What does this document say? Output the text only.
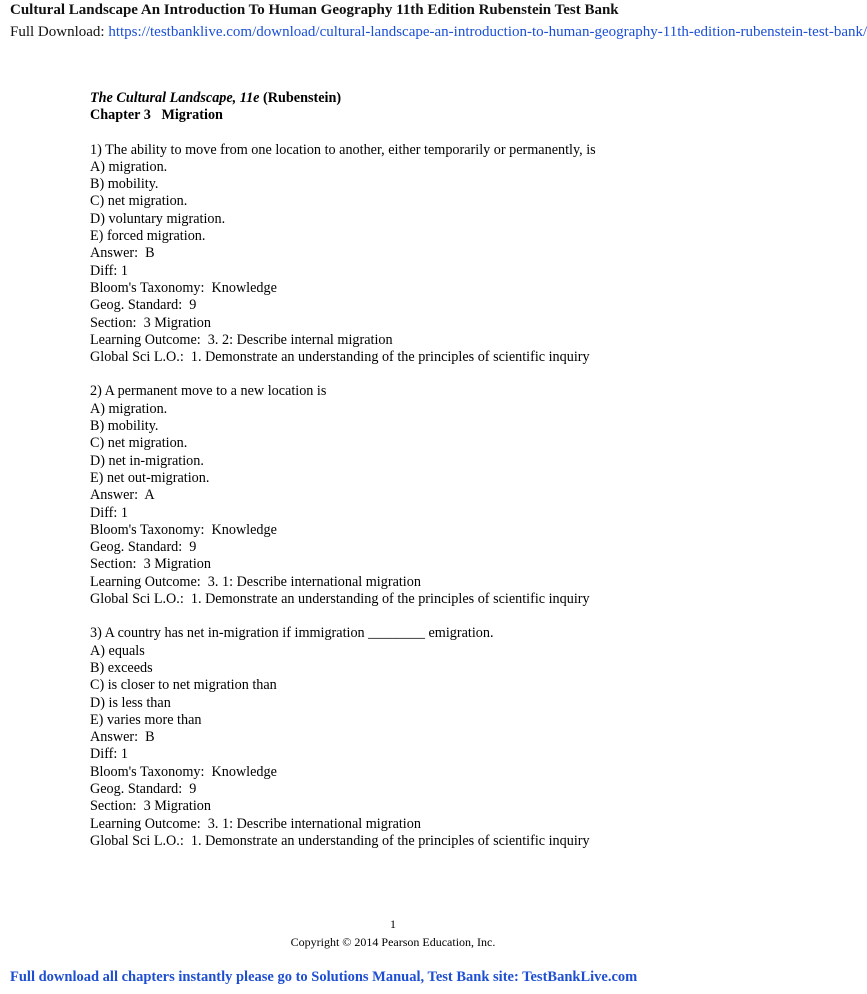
Cultural Landscape An Introduction To Human Geography 11th Edition Rubenstein Test Bank
Full Download: https://testbanklive.com/download/cultural-landscape-an-introduction-to-human-geography-11th-edition-rubenstein-test-bank/

The Cultural Landscape, 11e (Rubenstein)

Chapter 3   Migration

1) The ability to move from one location to another, either temporarily or permanently, is

A) migration.

B) mobility.

C) net migration.

D) voluntary migration.

E) forced migration.

Answer:  B

Diff: 1

Bloom's Taxonomy:  Knowledge

Geog. Standard:  9

Section:  3 Migration

Learning Outcome:  3. 2: Describe internal migration

Global Sci L.O.:  1. Demonstrate an understanding of the principles of scientific inquiry

2) A permanent move to a new location is

A) migration.

B) mobility.

C) net migration.

D) net in-migration.

E) net out-migration.

Answer:  A

Diff: 1

Bloom's Taxonomy:  Knowledge

Geog. Standard:  9

Section:  3 Migration

Learning Outcome:  3. 1: Describe international migration

Global Sci L.O.:  1. Demonstrate an understanding of the principles of scientific inquiry

3) A country has net in-migration if immigration ________ emigration.

A) equals

B) exceeds

C) is closer to net migration than

D) is less than

E) varies more than

Answer:  B

Diff: 1

Bloom's Taxonomy:  Knowledge

Geog. Standard:  9

Section:  3 Migration

Learning Outcome:  3. 1: Describe international migration

Global Sci L.O.:  1. Demonstrate an understanding of the principles of scientific inquiry

1
Copyright © 2014 Pearson Education, Inc.
Full download all chapters instantly please go to Solutions Manual, Test Bank site: TestBankLive.com
